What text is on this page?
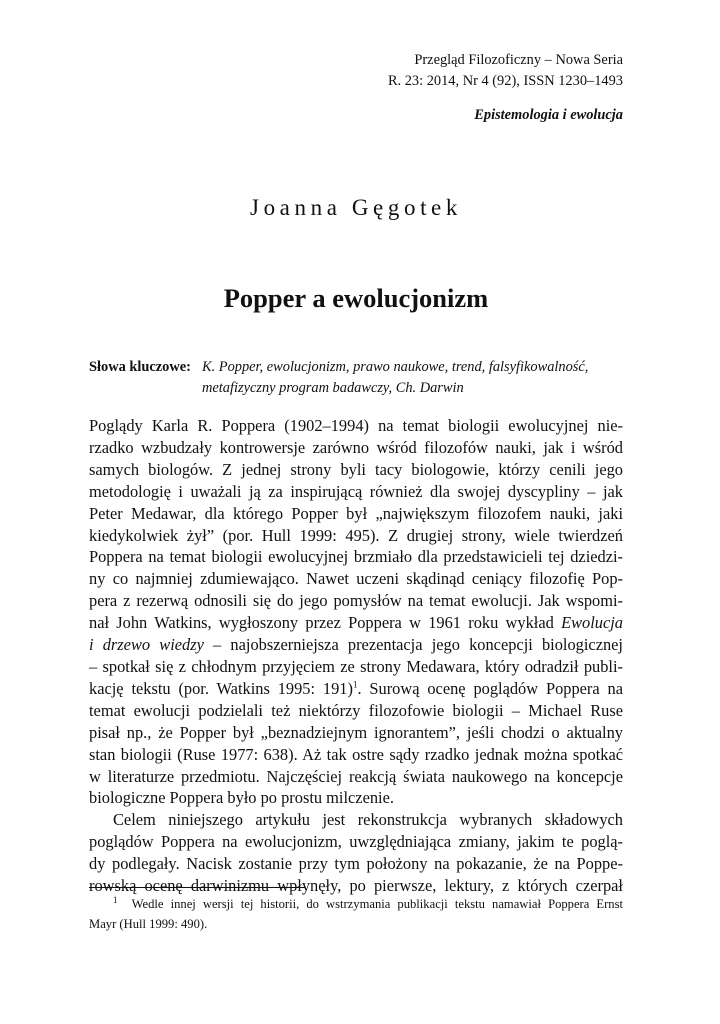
Przegląd Filozoficzny – Nowa Seria
R. 23: 2014, Nr 4 (92), ISSN 1230–1493
Epistemologia i ewolucja
Joanna Gęgotek
Popper a ewolucjonizm
Słowa kluczowe: K. Popper, ewolucjonizm, prawo naukowe, trend, falsyfikowalność,
metafizyczny program badawczy, Ch. Darwin
Poglądy Karla R. Poppera (1902–1994) na temat biologii ewolucyjnej nie-
rzadko wzbudzały kontrowersje zarówno wśród filozofów nauki, jak i wśród
samych biologów. Z jednej strony byli tacy biologowie, którzy cenili jego
metodologię i uważali ją za inspirującą również dla swojej dyscypliny – jak
Peter Medawar, dla którego Popper był „największym filozofem nauki, jaki
kiedykolwiek żył” (por. Hull 1999: 495). Z drugiej strony, wiele twierdzeń
Poppera na temat biologii ewolucyjnej brzmiało dla przedstawicieli tej dziedzi-
ny co najmniej zdumiewająco. Nawet uczeni skądinąd ceniący filozofię Pop-
pera z rezerwą odnosili się do jego pomysłów na temat ewolucji. Jak wspomi-
nał John Watkins, wygłoszony przez Poppera w 1961 roku wykład Ewolucja
i drzewo wiedzy – najobszerniejsza prezentacja jego koncepcji biologicznej
– spotkał się z chłodnym przyjęciem ze strony Medawara, który odradził publi-
kację tekstu (por. Watkins 1995: 191)$^1$. Surową ocenę poglądów Poppera na
temat ewolucji podzielali też niektórzy filozofowie biologii – Michael Ruse
pisał np., że Popper był „beznadziejnym ignorantem”, jeśli chodzi o aktualny
stan biologii (Ruse 1977: 638). Aż tak ostre sądy rzadko jednak można spotkać
w literaturze przedmiotu. Najczęściej reakcją świata naukowego na koncepcje
biologiczne Poppera było po prostu milczenie.
Celem niniejszego artykułu jest rekonstrukcja wybranych składowych
poglądów Poppera na ewolucjonizm, uwzględniająca zmiany, jakim te poglą-
dy podlegały. Nacisk zostanie przy tym położony na pokazanie, że na Poppe-
rowską ocenę darwinizmu wpłynęły, po pierwsze, lektury, z których czerpał
$^1$ Wedle innej wersji tej historii, do wstrzymania publikacji tekstu namawiał Poppera Ernst
Mayr (Hull 1999: 490).
